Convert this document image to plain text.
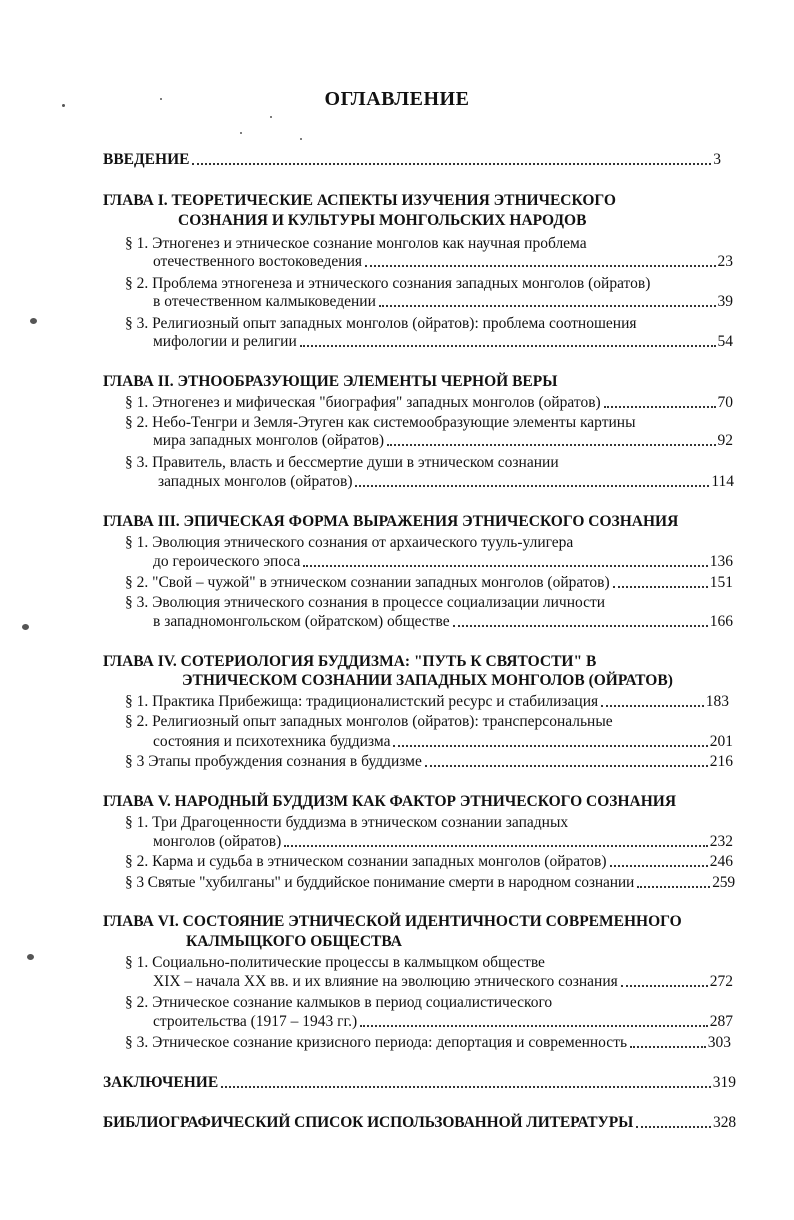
ОГЛАВЛЕНИЕ
ВВЕДЕНИЕ	3
ГЛАВА I. ТЕОРЕТИЧЕСКИЕ АСПЕКТЫ ИЗУЧЕНИЯ ЭТНИЧЕСКОГО
СОЗНАНИЯ И КУЛЬТУРЫ МОНГОЛЬСКИХ НАРОДОВ
§ 1. Этногенез и этническое сознание монголов как научная проблема
отечественного востоковедения	23
§ 2. Проблема этногенеза и этнического сознания западных монголов (ойратов)
в отечественном калмыковедении	39
§ 3. Религиозный опыт западных монголов (ойратов): проблема соотношения
мифологии и религии	54
ГЛАВА II. ЭТНООБРАЗУЮЩИЕ ЭЛЕМЕНТЫ ЧЕРНОЙ ВЕРЫ
§ 1. Этногенез и мифическая "биография" западных монголов (ойратов)	70
§ 2. Небо-Тенгри и Земля-Этуген как системообразующие элементы картины
мира западных монголов (ойратов)	92
§ 3. Правитель, власть и бессмертие души в этническом сознании
западных монголов (ойратов)	114
ГЛАВА III. ЭПИЧЕСКАЯ ФОРМА ВЫРАЖЕНИЯ ЭТНИЧЕСКОГО СОЗНАНИЯ
§ 1. Эволюция этнического сознания от архаического тууль-улигера
до героического эпоса	136
§ 2. "Свой – чужой" в этническом сознании западных монголов (ойратов)	151
§ 3. Эволюция этнического сознания в процессе социализации личности
в западномонгольском (ойратском) обществе	166
ГЛАВА IV. СОТЕРИОЛОГИЯ БУДДИЗМА: "ПУТЬ К СВЯТОСТИ" В
ЭТНИЧЕСКОМ СОЗНАНИИ ЗАПАДНЫХ МОНГОЛОВ (ОЙРАТОВ)
§ 1. Практика Прибежища: традиционалистский ресурс и стабилизация	183
§ 2. Религиозный опыт западных монголов (ойратов): трансперсональные
состояния и психотехника буддизма	201
§ 3 Этапы пробуждения сознания в буддизме	216
ГЛАВА V. НАРОДНЫЙ БУДДИЗМ КАК ФАКТОР ЭТНИЧЕСКОГО СОЗНАНИЯ
§ 1. Три Драгоценности буддизма в этническом сознании западных
монголов (ойратов)	232
§ 2. Карма и судьба в этническом сознании западных монголов (ойратов)	246
§ 3 Святые "хубилганы" и буддийское понимание смерти в народном сознании	259
ГЛАВА VI. СОСТОЯНИЕ ЭТНИЧЕСКОЙ ИДЕНТИЧНОСТИ СОВРЕМЕННОГО
КАЛМЫЦКОГО ОБЩЕСТВА
§ 1. Социально-политические процессы в калмыцком обществе
XIX – начала XX вв. и их влияние на эволюцию этнического сознания	272
§ 2. Этническое сознание калмыков в период социалистического
строительства (1917 – 1943 гг.)	287
§ 3. Этническое сознание кризисного периода: депортация и современность	303
ЗАКЛЮЧЕНИЕ	319
БИБЛИОГРАФИЧЕСКИЙ СПИСОК ИСПОЛЬЗОВАННОЙ ЛИТЕРАТУРЫ	328
